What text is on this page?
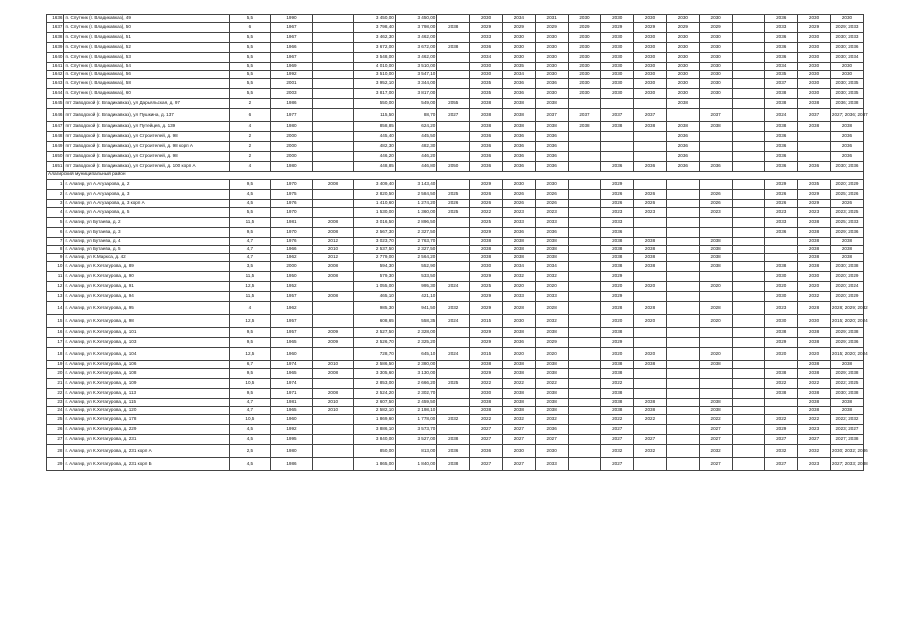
1636	п. Спутник (г. Владикавказ), 49	5,5	1990		3 450,00	3 450,00		2030	2034	2031	2030	2030	2030	2030	2030		2036	2030	2030
1637	п. Спутник (г. Владикавказ), 50	6	1967		3 798,40	3 798,00	2038	2029	2029	2029	2029	2029	2029	2029	2029		2033	2029	2029; 2033
1638	п. Спутник (г. Владикавказ), 51	5,5	1967		3 462,30	3 462,00		2033	2030	2030	2030	2030	2030	2030	2030		2036	2030	2030; 2033
1639	п. Спутник (г. Владикавказ), 52	5,5	1966		3 672,00	3 672,00	2038	2036	2030	2030	2030	2030	2030	2030	2030		2036	2030	2030; 2036
1640	п. Спутник (г. Владикавказ), 53	5,5	1967		3 548,00	3 462,00		2034	2030	2030	2030	2030	2030	2030	2030		2036	2030	2030; 2034
1641	п. Спутник (г. Владикавказ), 54	5,5	1969		4 010,00	3 510,00		2030	2035	2030	2030	2030	2030	2030	2030		2034	2030	2030
1642	п. Спутник (г. Владикавказ), 56	5,5	1992		3 510,00	3 547,10		2030	2034	2030	2030	2030	2030	2030	2030		2035	2030	2030
1643	п. Спутник (г. Владикавказ), 58	5,5	2001		3 952,10	3 344,00		2035	2036	2036	2030	2030	2030	2030	2030		2037	2030	2030; 2035
1644	п. Спутник (г. Владикавказ), 60	5,5	2003		3 817,00	3 817,00		2035	2036	2030	2030	2030	2030	2030	2030		2038	2030	2030; 2035
1645	пгт Заводской (г. Владикавказ), ул Дарьяльская, д. 97	2	1986		550,00	549,00	2055	2038	2038	2038				2038			2038	2038	2036; 2038
1646	пгт Заводской (г. Владикавказ), ул Пушкина, д. 137	6	1977		115,50	88,70	2027	2038	2038	2037	2037	2037	2037		2037		2024	2037	2027; 2036; 2037
1647	пгт Заводской (г. Владикавказ), ул Путейцев, д. 139	4	1980		858,85	624,20		2038	2038	2038	2038	2038	2038	2038	2038		2038	2038	2038
1648	пгт Заводской (г. Владикавказ), ул Строителей, д. 98	2	2000		445,40	445,50		2036	2036	2036				2036			2036		2036
1649	пгт Заводской (г. Владикавказ), ул Строителей, д. 98 корп А	2	2000		482,30	482,30		2036	2036	2036				2036			2036		2036
1650	пгт Заводской (г. Владикавказ), ул Строителей, д. 98	2	2000		446,20	446,20		2036	2036	2036				2036			2036		2036
1651	пгт Заводской (г. Владикавказ), ул Строителей, д. 100 корп А	4	1980		448,85	446,80	2050	2036	2036	2036		2036	2036	2036	2036		2036	2036	2030; 2036
Алагирский муниципальный район																			
1	г. Алагир, ул А.Агузарова, д. 2	9,5	1970	2008	3 409,40	3 143,40		2029	2030	2030		2029					2029	2035	2020; 2029
2	г. Алагир, ул А.Агузарова, д. 3	4,5	1975		2 820,50	2 584,50	2025	2026	2026	2026		2026	2026		2026		2026	2029	2025; 2026
3	г. Алагир, ул А.Агузарова, д. 3 корп А	4,5	1976		1 410,60	1 274,20	2026	2026	2026	2026		2026	2026		2026		2026	2029	2026
4	г. Алагир, ул А.Агузарова, д. 5	5,5	1970		1 530,00	1 360,00	2025	2022	2023	2023		2023	2023		2023		2023	2023	2023; 2025
5	г. Алагир, ул Бутаева, д. 2	11,5	1981	2008	3 016,50	2 896,50		2025	2033	2033		2033					2033	2038	2025; 2033
6	г. Алагир, ул Бутаева, д. 3	9,5	1970	2008	2 567,30	2 327,50		2029	2036	2036		2036					2036	2038	2029; 2036
7	г. Алагир, ул Бутаева, д. 4	4,7	1976	2012	3 023,70	2 763,70		2038	2038	2038		2038	2038		2038			2038	2038
8	г. Алагир, ул Бутаева, д. 5	4,7	1966	2010	2 537,50	2 327,50		2038	2038	2038		2038	2038		2038			2038	2038
9	г. Алагир, ул К.Маркса, д. 42	4,7	1962	2012	2 779,00	2 564,20		2038	2038	2038		2038	2038		2038			2038	2038
10	г. Алагир, ул К.Хетагурова, д. 89	3,5	2000	2008	594,30	552,90		2030	2034	2034		2038	2038		2038		2038	2038	2030; 2038
11	г. Алагир, ул К.Хетагурова, д. 90	11,5	1950	2008	579,30	533,50		2029	2032	2032		2029					2030	2030	2020; 2029
12	г. Алагир, ул К.Хетагурова, д. 91	12,5	1952		1 055,00	995,30	2024	2025	2020	2020		2020	2020		2020		2020	2020	2020; 2024
13	г. Алагир, ул К.Хетагурова, д. 94	11,5	1957	2008	465,10	421,10		2029	2033	2033		2029					2030	2032	2020; 2029
14	г. Алагир, ул К.Хетагурова, д. 95	4	1962		985,30	941,50	2032	2029	2028	2028		2028	2028		2028		2023	2028	2028; 2029; 2032
15	г. Алагир, ул К.Хетагурова, д. 98	12,5	1957		608,65	558,35	2024	2015	2030	2032		2020	2020		2020		2030	2030	2015; 2020; 2024
16	г. Алагир, ул К.Хетагурова, д. 101	9,5	1957	2009	2 527,50	2 328,00		2029	2038	2038		2038					2038	2038	2029; 2038
17	г. Алагир, ул К.Хетагурова, д. 103	9,5	1965	2009	2 526,70	2 325,20		2029	2036	2029		2029					2029	2038	2029; 2036
18	г. Алагир, ул К.Хетагурова, д. 104	12,5	1960		728,70	645,10	2024	2015	2020	2020		2020	2020		2020		2020	2020	2015; 2020; 2024
19	г. Алагир, ул К.Хетагурова, д. 106	6,7	1974	2010	2 586,50	2 380,00		2038	2038	2038		2038	2038		2038			2038	2038
20	г. Алагир, ул К.Хетагурова, д. 108	9,5	1965	2008	3 305,60	3 130,00		2029	2038	2038		2038					2038	2038	2029; 2038
21	г. Алагир, ул К.Хетагурова, д. 109	10,5	1974		2 853,00	2 666,20	2025	2022	2022	2022		2022					2022	2022	2022; 2025
22	г. Алагир, ул К.Хетагурова, д. 113	9,5	1971	2008	2 524,20	2 302,70		2030	2038	2038		2038					2038	2038	2030; 2038
23	г. Алагир, ул К.Хетагурова, д. 115	4,7	1981	2010	2 607,50	2 459,50		2038	2038	2038		2038	2038		2038			2038	2038
24	г. Алагир, ул К.Хетагурова, д. 120	4,7	1965	2010	2 582,10	2 198,10		2038	2038	2038		2038	2038		2038			2038	2038
25	г. Алагир, ул К.Хетагурова, д. 178	10,5	1960		1 869,60	1 778,00	2032	2022	2032	2032		2022	2022		2022		2022	2022	2022; 2032
26	г. Алагир, ул К.Хетагурова, д. 229	4,5	1992		3 886,10	3 573,70		2027	2027	2036		2027			2027		2029	2023	2023; 2027
27	г. Алагир, ул К.Хетагурова, д. 231	4,5	1995		3 840,00	3 527,00	2038	2027	2027	2027		2027	2027		2027		2027	2027	2027; 2038
28	г. Алагир, ул К.Хетагурова, д. 231 корп А	2,5	1980		850,00	813,00	2036	2036	2030	2030		2032	2032		2032		2032	2032	2030; 2032; 2036
29	г. Алагир, ул К.Хетагурова, д. 231 корп Б	4,5	1986		1 865,00	1 840,00	2038	2027	2027	2033		2027			2027		2027	2023	2027; 2033; 2038
